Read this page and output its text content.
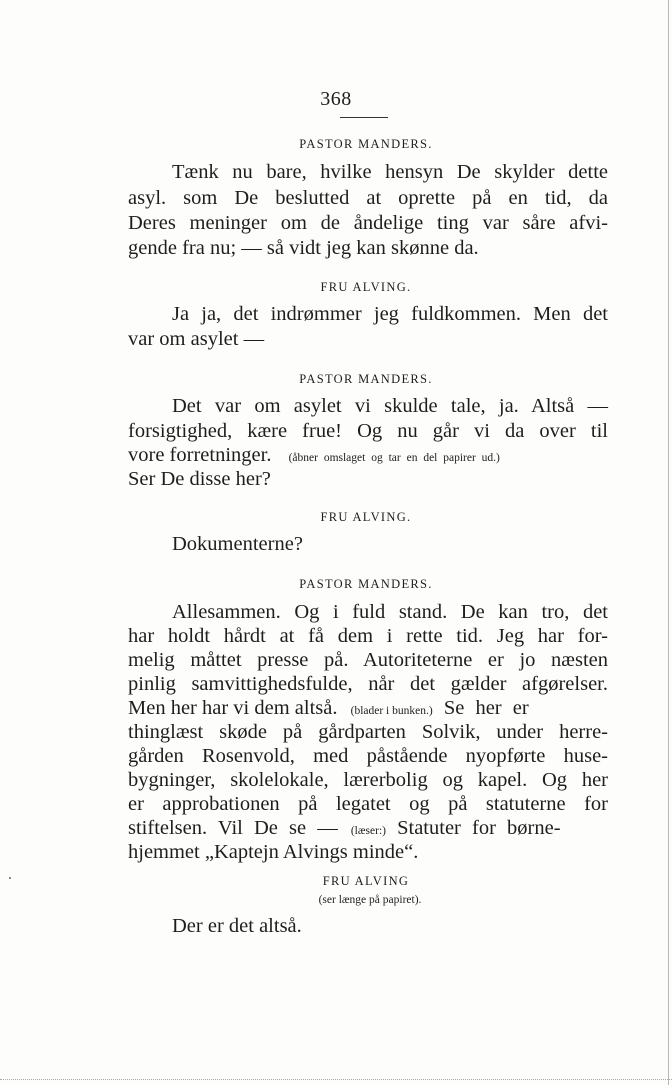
368
PASTOR MANDERS.
Tænk nu bare, hvilke hensyn De skylder dette
asyl. som De beslutted at oprette på en tid, da
Deres meninger om de åndelige ting var såre afvi-
gende fra nu; — så vidt jeg kan skønne da.
FRU ALVING.
Ja ja, det indrømmer jeg fuldkommen. Men det
var om asylet —
PASTOR MANDERS.
Det var om asylet vi skulde tale, ja. Altså —
forsigtighed, kære frue! Og nu går vi da over til
vore forretninger. (åbner omslaget og tar en del papirer ud.)
Ser De disse her?
FRU ALVING.
Dokumenterne?
PASTOR MANDERS.
Allesammen. Og i fuld stand. De kan tro, det
har holdt hårdt at få dem i rette tid. Jeg har for-
melig måttet presse på. Autoriteterne er jo næsten
pinlig samvittighedsfulde, når det gælder afgørelser.
Men her har vi dem altså. (blader i bunken.) Se her er
thinglæst skøde på gårdparten Solvik, under herre-
gården Rosenvold, med påstående nyopførte huse-
bygninger, skolelokale, lærerbolig og kapel. Og her
er approbationen på legatet og på statuterne for
stiftelsen. Vil De se — (læser:) Statuter for børne-
hjemmet „Kaptejn Alvings minde“.
FRU ALVING
(ser længe på papiret).
Der er det altså.
